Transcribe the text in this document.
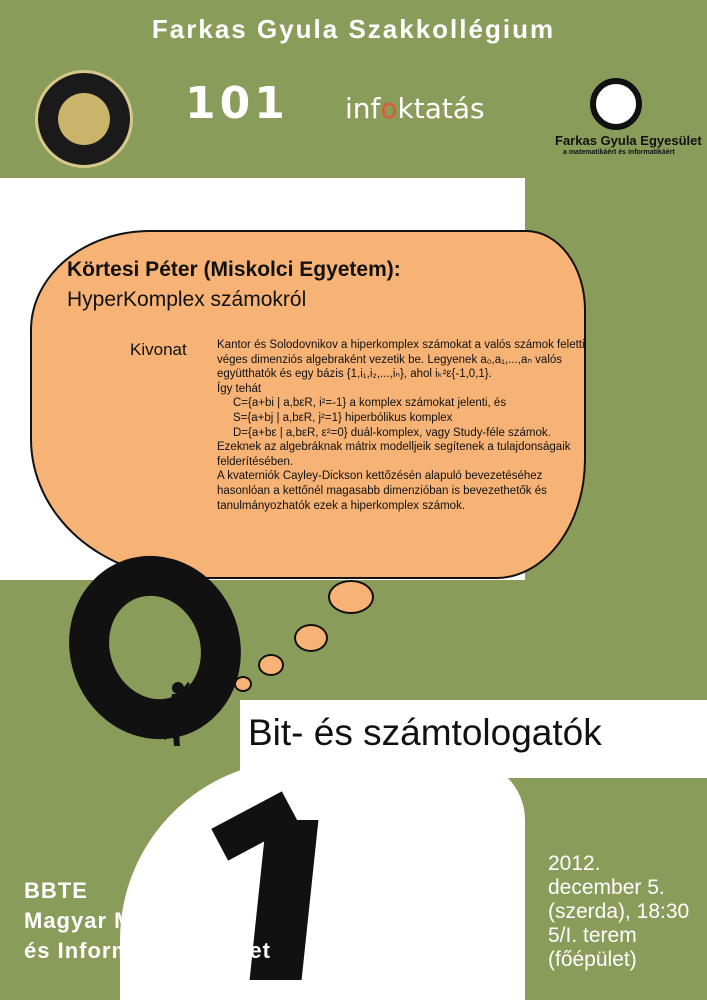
Farkas Gyula Szakkollégium
101 infoktatás
Farkas Gyula Egyesület
a matematikáért és informatikáért
Körtesi Péter (Miskolci Egyetem):
HyperKomplex számokról
Kivonat	Kantor és Solodovnikov a hiperkomplex számokat a valós számok feletti
véges dimenziós algebraként vezetik be. Legyenek a₀,a₁,...,aₙ valós
együtthatók és egy bázis {1,i₁,i₂,...,iₙ}, ahol iₖ²ε{-1,0,1}.
Így tehát
C={a+bi | a,bεR, i²=-1} a komplex számokat jelenti, és
S={a+bj | a,bεR, j²=1} hiperbólikus komplex
D={a+bε | a,bεR, ε²=0} duál-komplex, vagy Study-féle számok.
Ezeknek az algebráknak mátrix modelljeik segítenek a tulajdonságaik
felderítésében.
A kvaterniók Cayley-Dickson kettőzésén alapuló bevezetéséhez
hasonlóan a kettőnél magasabb dimenzióban is bevezethetők és
tanulmányozhatók ezek a hiperkomplex számok.
Bit- és számtologatók
2012.
december 5.
(szerda), 18:30
5/I. terem
(főépület)
BBTE
Magyar Matematika
és Informatika Intézet
